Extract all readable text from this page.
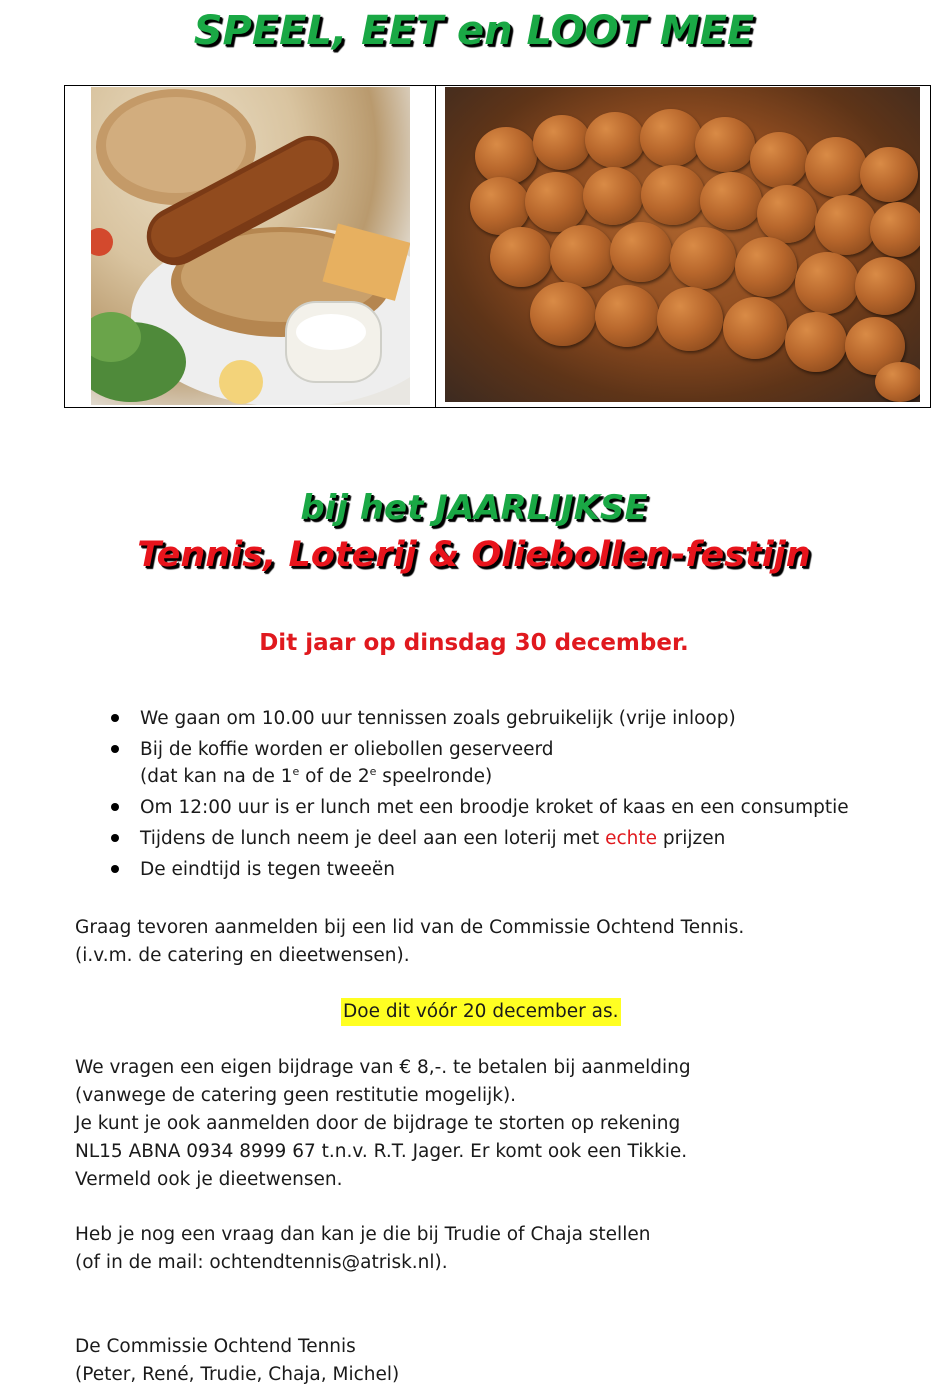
SPEEL, EET en LOOT MEE
bij het JAARLIJKSE
Tennis, Loterij & Oliebollen-festijn
Dit jaar op dinsdag 30 december.
We gaan om 10.00 uur tennissen zoals gebruikelijk (vrije inloop)
Bij de koffie worden er oliebollen geserveerd
(dat kan na de 1e of de 2e speelronde)
Om 12:00 uur is er lunch met een broodje kroket of kaas en een consumptie
Tijdens de lunch neem je deel aan een loterij met echte prijzen
De eindtijd is tegen tweeën

Graag tevoren aanmelden bij een lid van de Commissie Ochtend Tennis.
(i.v.m. de catering en dieetwensen).

Doe dit vóór 20 december as.

We vragen een eigen bijdrage van € 8,-. te betalen bij aanmelding
(vanwege de catering geen restitutie mogelijk).
Je kunt je ook aanmelden door de bijdrage te storten op rekening
NL15 ABNA 0934 8999 67 t.n.v. R.T. Jager. Er komt ook een Tikkie.
Vermeld ook je dieetwensen.

Heb je nog een vraag dan kan je die bij Trudie of Chaja stellen
(of in de mail: ochtendtennis@atrisk.nl).

De Commissie Ochtend Tennis
(Peter, René, Trudie, Chaja, Michel)
